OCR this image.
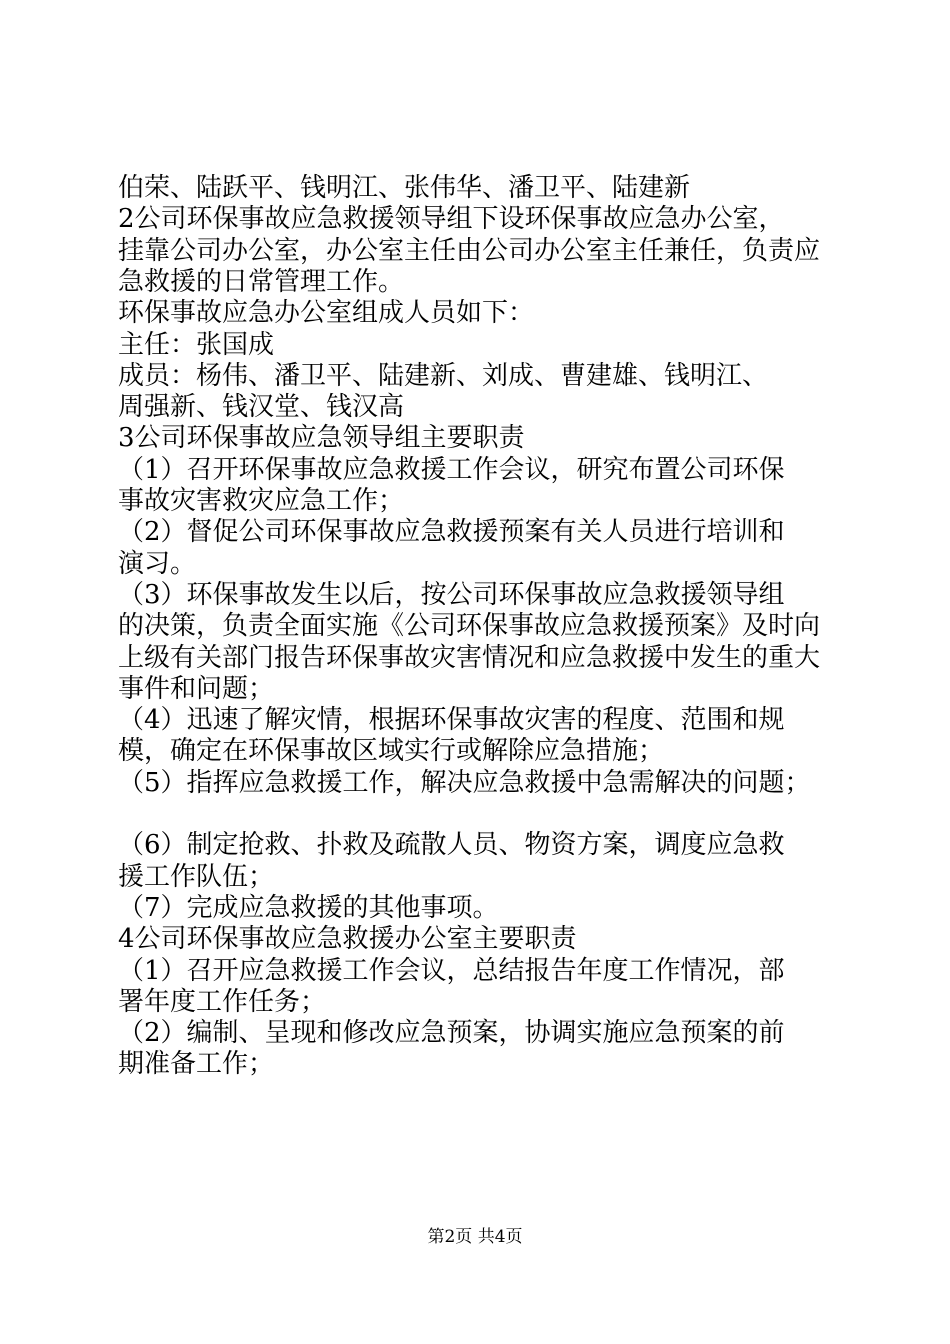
伯荣、陆跃平、钱明江、张伟华、潘卫平、陆建新
2公司环保事故应急救援领导组下设环保事故应急办公室，
挂靠公司办公室，办公室主任由公司办公室主任兼任，负责应
急救援的日常管理工作。
环保事故应急办公室组成人员如下：
主任：张国成
成员：杨伟、潘卫平、陆建新、刘成、曹建雄、钱明江、
周强新、钱汉堂、钱汉高
3公司环保事故应急领导组主要职责
（1）召开环保事故应急救援工作会议，研究布置公司环保
事故灾害救灾应急工作；
（2）督促公司环保事故应急救援预案有关人员进行培训和
演习。
（3）环保事故发生以后，按公司环保事故应急救援领导组
的决策，负责全面实施《公司环保事故应急救援预案》及时向
上级有关部门报告环保事故灾害情况和应急救援中发生的重大
事件和问题；
（4）迅速了解灾情，根据环保事故灾害的程度、范围和规
模，确定在环保事故区域实行或解除应急措施；
（5）指挥应急救援工作，解决应急救援中急需解决的问题；
（6）制定抢救、扑救及疏散人员、物资方案，调度应急救
援工作队伍；
（7）完成应急救援的其他事项。
4公司环保事故应急救援办公室主要职责
（1）召开应急救援工作会议，总结报告年度工作情况，部
署年度工作任务；
（2）编制、呈现和修改应急预案，协调实施应急预案的前
期准备工作；
第2页 共4页
